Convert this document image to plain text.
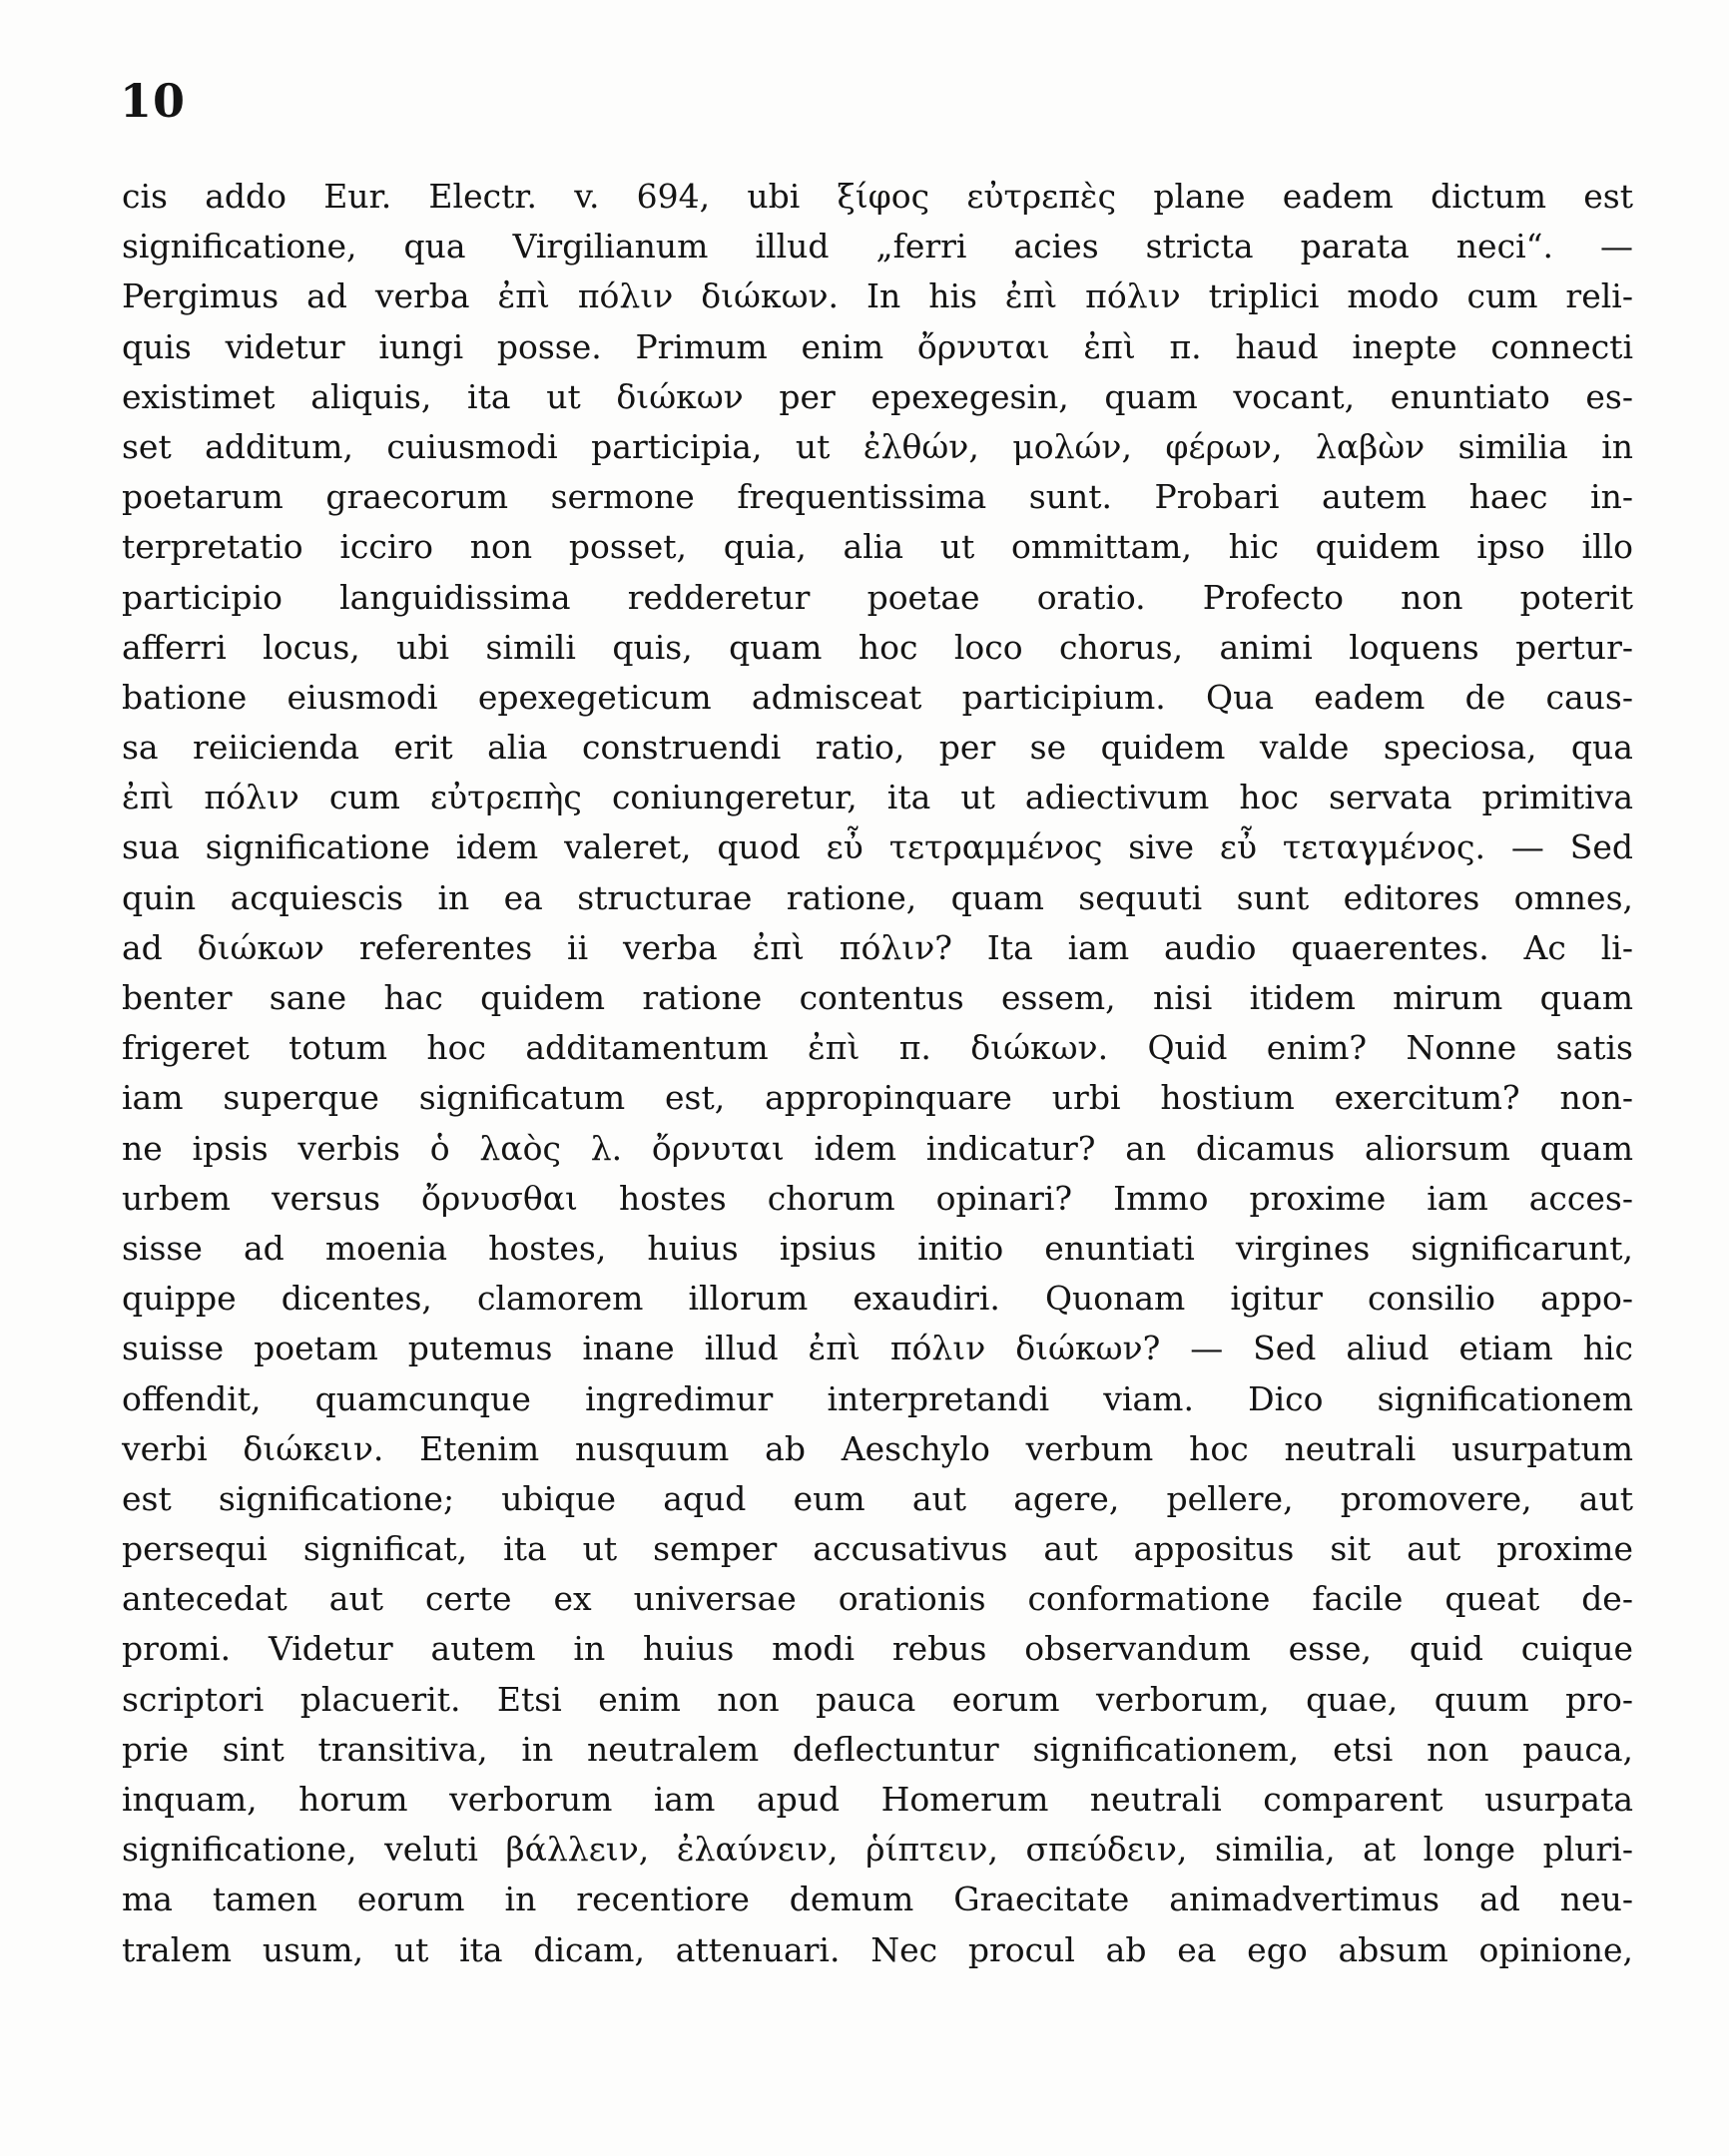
10
cis addo Eur. Electr. v. 694, ubi ξίφος εὐτρεπὲς plane eadem dictum est
significatione, qua Virgilianum illud „ferri acies stricta parata neci“. —
Pergimus ad verba ἐπὶ πόλιν διώκων. In his ἐπὶ πόλιν triplici modo cum reli-
quis videtur iungi posse. Primum enim ὄρνυται ἐπὶ π. haud inepte connecti
existimet aliquis, ita ut διώκων per epexegesin, quam vocant, enuntiato es-
set additum, cuiusmodi participia, ut ἐλθών, μολών, φέρων, λαβὼν similia in
poetarum graecorum sermone frequentissima sunt. Probari autem haec in-
terpretatio icciro non posset, quia, alia ut ommittam, hic quidem ipso illo
participio languidissima redderetur poetae oratio. Profecto non poterit
afferri locus, ubi simili quis, quam hoc loco chorus, animi loquens pertur-
batione eiusmodi epexegeticum admisceat participium. Qua eadem de caus-
sa reiicienda erit alia construendi ratio, per se quidem valde speciosa, qua
ἐπὶ πόλιν cum εὐτρεπὴς coniungeretur, ita ut adiectivum hoc servata primitiva
sua significatione idem valeret, quod εὖ τετραμμένος sive εὖ τεταγμένος. — Sed
quin acquiescis in ea structurae ratione, quam sequuti sunt editores omnes,
ad διώκων referentes ii verba ἐπὶ πόλιν? Ita iam audio quaerentes. Ac li-
benter sane hac quidem ratione contentus essem, nisi itidem mirum quam
frigeret totum hoc additamentum ἐπὶ π. διώκων. Quid enim? Nonne satis
iam superque significatum est, appropinquare urbi hostium exercitum? non-
ne ipsis verbis ὁ λαὸς λ. ὄρνυται idem indicatur? an dicamus aliorsum quam
urbem versus ὄρνυσθαι hostes chorum opinari? Immo proxime iam acces-
sisse ad moenia hostes, huius ipsius initio enuntiati virgines significarunt,
quippe dicentes, clamorem illorum exaudiri. Quonam igitur consilio appo-
suisse poetam putemus inane illud ἐπὶ πόλιν διώκων? — Sed aliud etiam hic
offendit, quamcunque ingredimur interpretandi viam. Dico significationem
verbi διώκειν. Etenim nusquum ab Aeschylo verbum hoc neutrali usurpatum
est significatione; ubique aqud eum aut agere, pellere, promovere, aut
persequi significat, ita ut semper accusativus aut appositus sit aut proxime
antecedat aut certe ex universae orationis conformatione facile queat de-
promi. Videtur autem in huius modi rebus observandum esse, quid cuique
scriptori placuerit. Etsi enim non pauca eorum verborum, quae, quum pro-
prie sint transitiva, in neutralem deflectuntur significationem, etsi non pauca,
inquam, horum verborum iam apud Homerum neutrali comparent usurpata
significatione, veluti βάλλειν, ἐλαύνειν, ῥίπτειν, σπεύδειν, similia, at longe pluri-
ma tamen eorum in recentiore demum Graecitate animadvertimus ad neu-
tralem usum, ut ita dicam, attenuari. Nec procul ab ea ego absum opinione,
